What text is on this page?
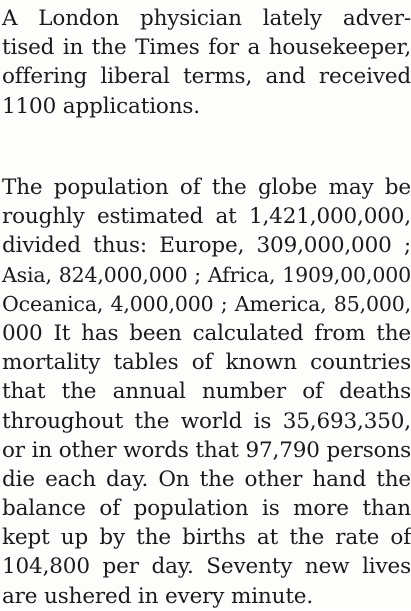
A London physician lately adver-
tised in the Times for a housekeeper,
offering liberal terms, and received
1100 applications.

The population of the globe may be
roughly estimated at 1,421,000,000,
divided thus: Europe, 309,000,000 ;
Asia, 824,000,000 ; Africa, 1909,00,000
Oceanica, 4,000,000 ; America, 85,000,
000 It has been calculated from the
mortality tables of known countries
that the annual number of deaths
throughout the world is 35,693,350,
or in other words that 97,790 persons
die each day. On the other hand the
balance of population is more than
kept up by the births at the rate of
104,800 per day. Seventy new lives
are ushered in every minute.
